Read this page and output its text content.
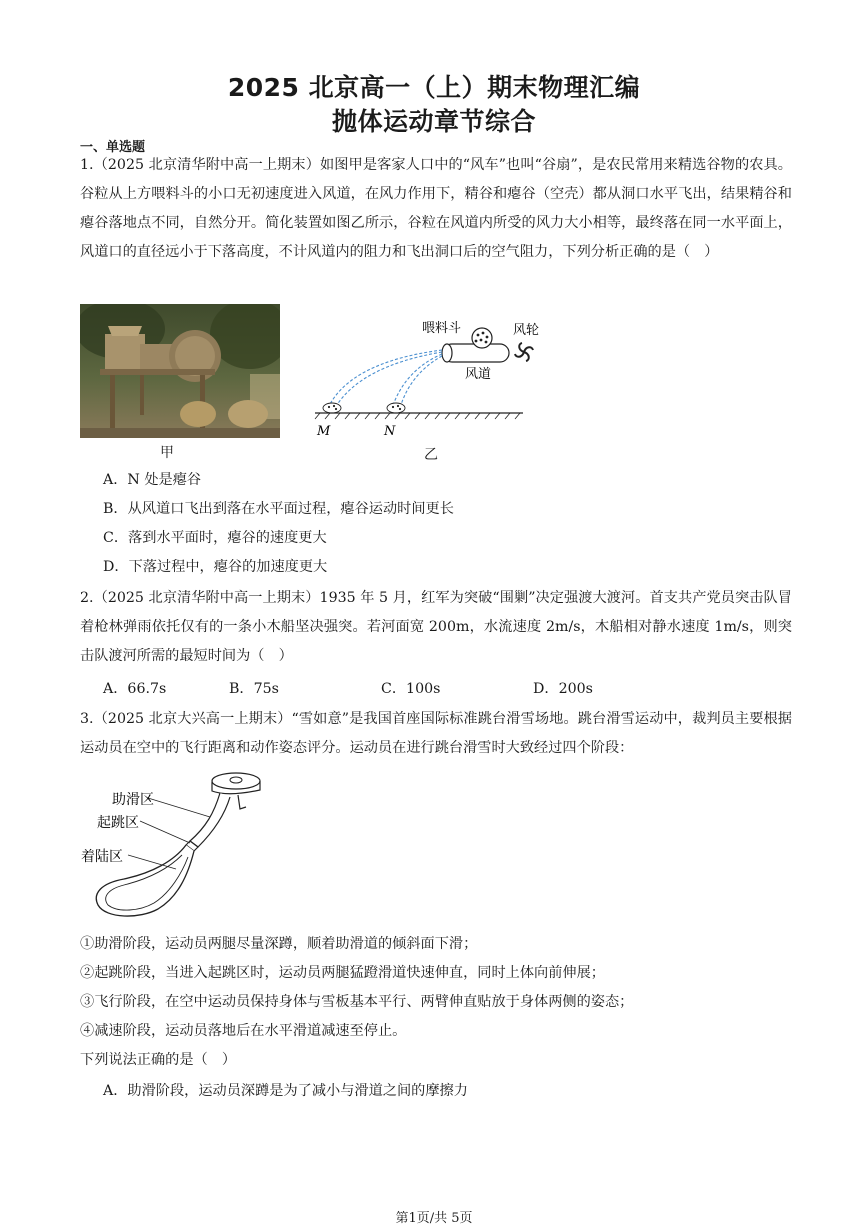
2025 北京高一（上）期末物理汇编
抛体运动章节综合
一、单选题
1.（2025 北京清华附中高一上期末）如图甲是客家人口中的“风车”也叫“谷扇”，是农民常用来精选谷物的农具。谷粒从上方喂料斗的小口无初速度进入风道，在风力作用下，精谷和瘪谷（空壳）都从洞口水平飞出，结果精谷和瘪谷落地点不同，自然分开。简化装置如图乙所示，谷粒在风道内所受的风力大小相等，最终落在同一水平面上，风道口的直径远小于下落高度，不计风道内的阻力和飞出洞口后的空气阻力，下列分析正确的是（　）
甲
喂料斗	风轮
风道
M	N
乙
A．N 处是瘪谷
B．从风道口飞出到落在水平面过程，瘪谷运动时间更长
C．落到水平面时，瘪谷的速度更大
D．下落过程中，瘪谷的加速度更大
2.（2025 北京清华附中高一上期末）1935 年 5 月，红军为突破“围剿”决定强渡大渡河。首支共产党员突击队冒着枪林弹雨依托仅有的一条小木船坚决强突。若河面宽 200m，水流速度 2m/s，木船相对静水速度 1m/s，则突击队渡河所需的最短时间为（　）
A．66.7s	B．75s	C．100s	D．200s
3.（2025 北京大兴高一上期末）“雪如意”是我国首座国际标准跳台滑雪场地。跳台滑雪运动中，裁判员主要根据运动员在空中的飞行距离和动作姿态评分。运动员在进行跳台滑雪时大致经过四个阶段：
助滑区
起跳区
着陆区
①助滑阶段，运动员两腿尽量深蹲，顺着助滑道的倾斜面下滑；
②起跳阶段，当进入起跳区时，运动员两腿猛蹬滑道快速伸直，同时上体向前伸展；
③飞行阶段，在空中运动员保持身体与雪板基本平行、两臂伸直贴放于身体两侧的姿态；
④减速阶段，运动员落地后在水平滑道减速至停止。
下列说法正确的是（　）
A．助滑阶段，运动员深蹲是为了减小与滑道之间的摩擦力
第1页/共 5页
